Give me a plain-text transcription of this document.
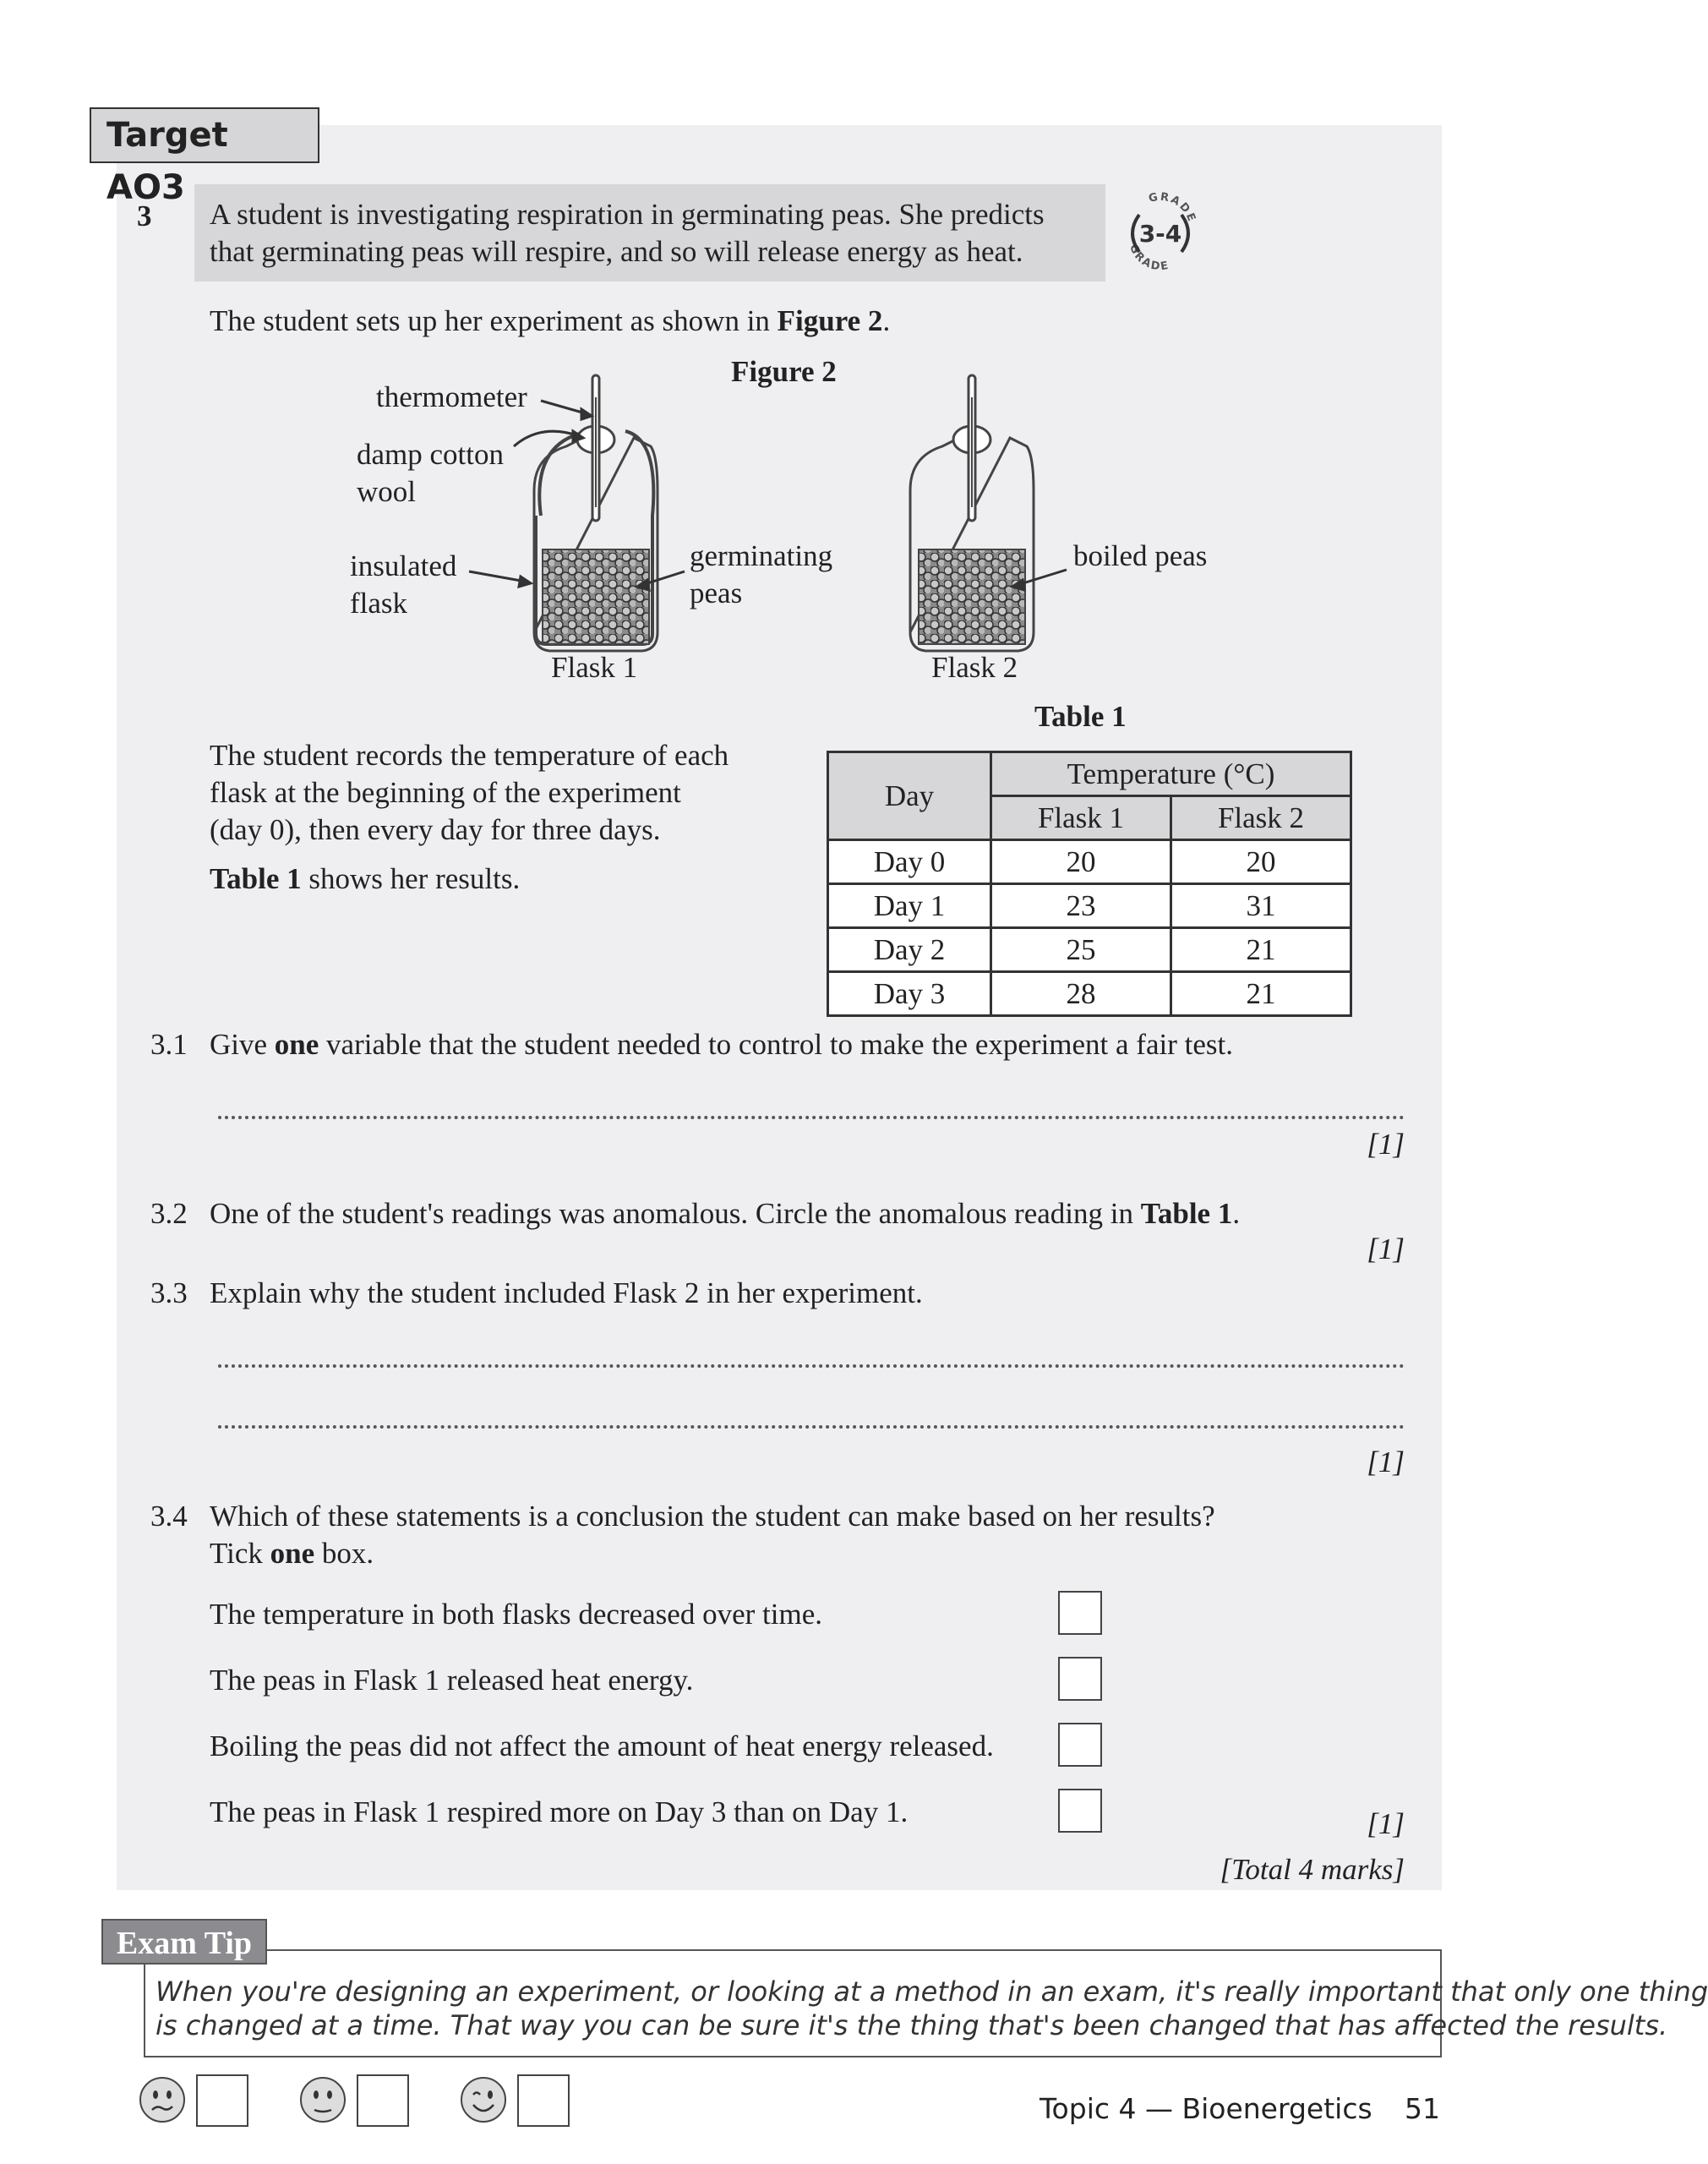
Target AO3
3 A student is investigating respiration in germinating peas. She predicts
that germinating peas will respire, and so will release energy as heat.
GRADE
GRADE
3-4
The student sets up her experiment as shown in Figure 2.
Figure 2
thermometer
damp cotton
wool
insulated
flask
germinating
peas
boiled peas
Flask 1	Flask 2
The student records the temperature of each
flask at the beginning of the experiment
(day 0), then every day for three days.
Table 1 shows her results.
Table 1
Day	Temperature (°C)	
	Flask 1	Flask 2
Day 0	20	20
Day 1	23	31
Day 2	25	21
Day 3	28	21
3.1 Give one variable that the student needed to control to make the experiment a fair test.
[1]
3.2 One of the student's readings was anomalous. Circle the anomalous reading in Table 1.
[1]
3.3 Explain why the student included Flask 2 in her experiment.
[1]
3.4 Which of these statements is a conclusion the student can make based on her results?
Tick one box.
The temperature in both flasks decreased over time.
The peas in Flask 1 released heat energy.
Boiling the peas did not affect the amount of heat energy released.
The peas in Flask 1 respired more on Day 3 than on Day 1.	[1]
[Total 4 marks]
Exam Tip
When you're designing an experiment, or looking at a method in an exam, it's really important that only one thing
is changed at a time. That way you can be sure it's the thing that's been changed that has affected the results.
Topic 4 — Bioenergetics 51
